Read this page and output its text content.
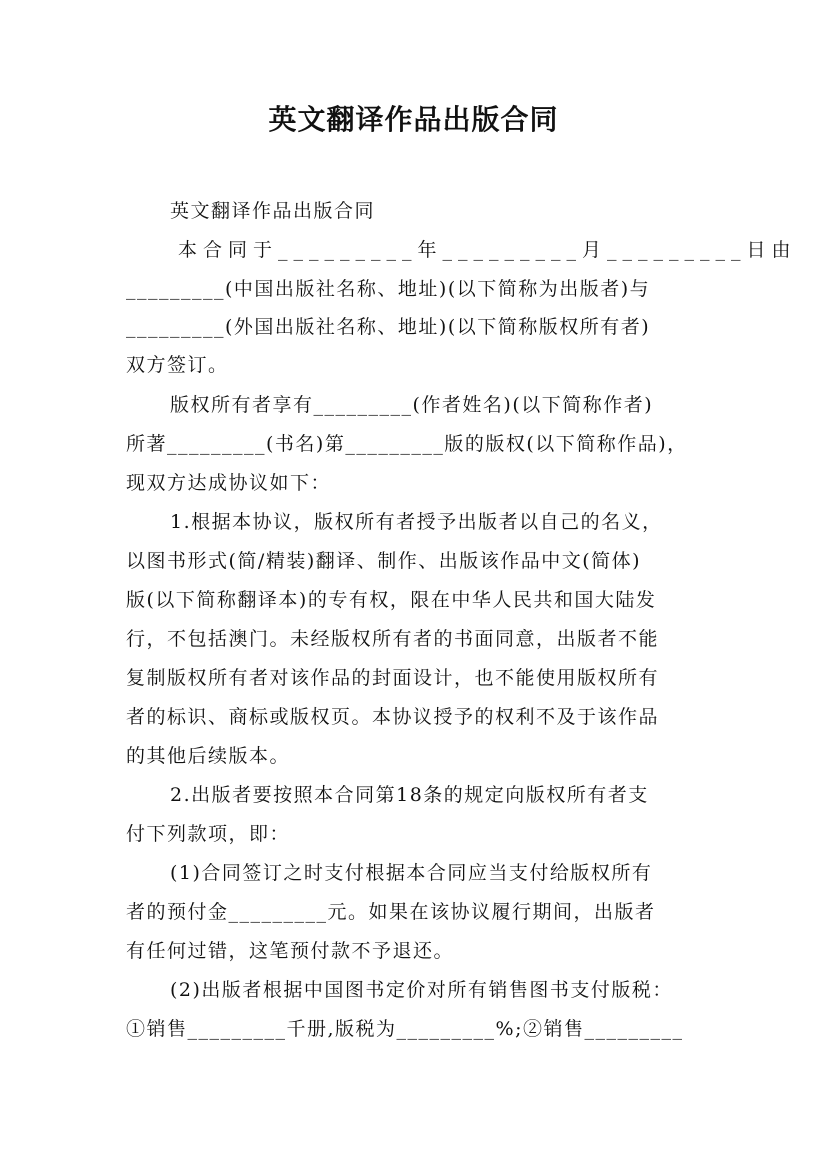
英文翻译作品出版合同
英文翻译作品出版合同
本合同于_________年_________月_________日由
_________(中国出版社名称、地址)(以下简称为出版者)与
_________(外国出版社名称、地址)(以下简称版权所有者)
双方签订。
版权所有者享有_________(作者姓名)(以下简称作者)
所著_________(书名)第_________版的版权(以下简称作品)，
现双方达成协议如下：
1.根据本协议，版权所有者授予出版者以自己的名义，
以图书形式(简/精装)翻译、制作、出版该作品中文(简体)
版(以下简称翻译本)的专有权，限在中华人民共和国大陆发
行，不包括澳门。未经版权所有者的书面同意，出版者不能
复制版权所有者对该作品的封面设计，也不能使用版权所有
者的标识、商标或版权页。本协议授予的权利不及于该作品
的其他后续版本。
2.出版者要按照本合同第18条的规定向版权所有者支
付下列款项，即：
(1)合同签订之时支付根据本合同应当支付给版权所有
者的预付金_________元。如果在该协议履行期间，出版者
有任何过错，这笔预付款不予退还。
(2)出版者根据中国图书定价对所有销售图书支付版税：
①销售_________千册,版税为_________%;②销售_________
